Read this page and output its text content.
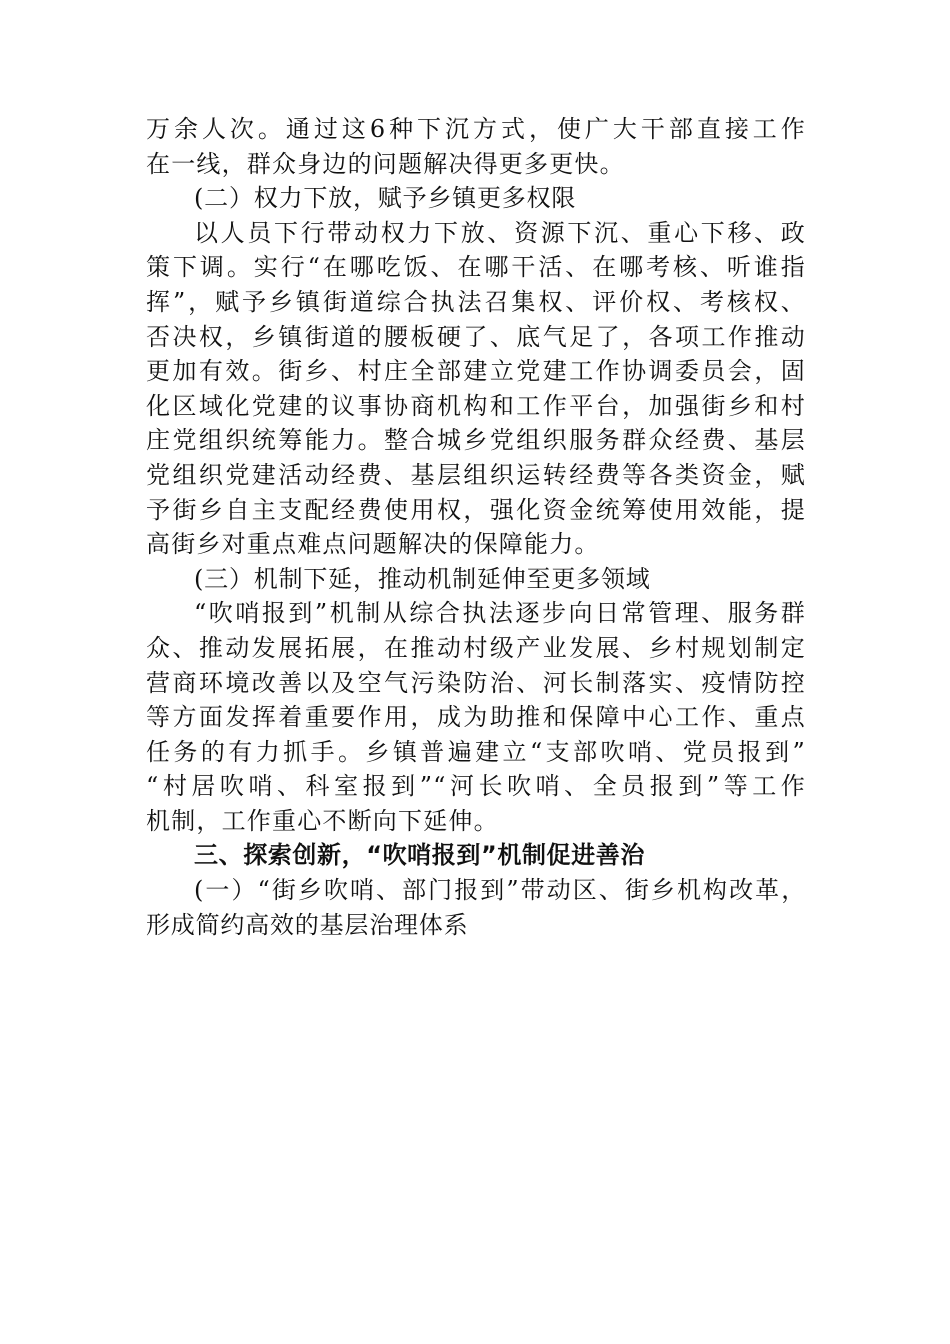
万余人次。通过这6种下沉方式，使广大干部直接工作
在一线，群众身边的问题解决得更多更快。
(二）权力下放，赋予乡镇更多权限
以人员下行带动权力下放、资源下沉、重心下移、政
策下调。实行“在哪吃饭、在哪干活、在哪考核、听谁指
挥”，赋予乡镇街道综合执法召集权、评价权、考核权、
否决权，乡镇街道的腰板硬了、底气足了，各项工作推动
更加有效。街乡、村庄全部建立党建工作协调委员会，固
化区域化党建的议事协商机构和工作平台，加强街乡和村
庄党组织统筹能力。整合城乡党组织服务群众经费、基层
党组织党建活动经费、基层组织运转经费等各类资金，赋
予街乡自主支配经费使用权，强化资金统筹使用效能，提
高街乡对重点难点问题解决的保障能力。
(三）机制下延，推动机制延伸至更多领域
“吹哨报到”机制从综合执法逐步向日常管理、服务群
众、推动发展拓展，在推动村级产业发展、乡村规划制定
营商环境改善以及空气污染防治、河长制落实、疫情防控
等方面发挥着重要作用，成为助推和保障中心工作、重点
任务的有力抓手。乡镇普遍建立“支部吹哨、党员报到”
“村居吹哨、科室报到”“河长吹哨、全员报到”等工作
机制，工作重心不断向下延伸。
三、探索创新，“吹哨报到”机制促进善治
(一）“街乡吹哨、部门报到”带动区、街乡机构改革，
形成简约高效的基层治理体系
